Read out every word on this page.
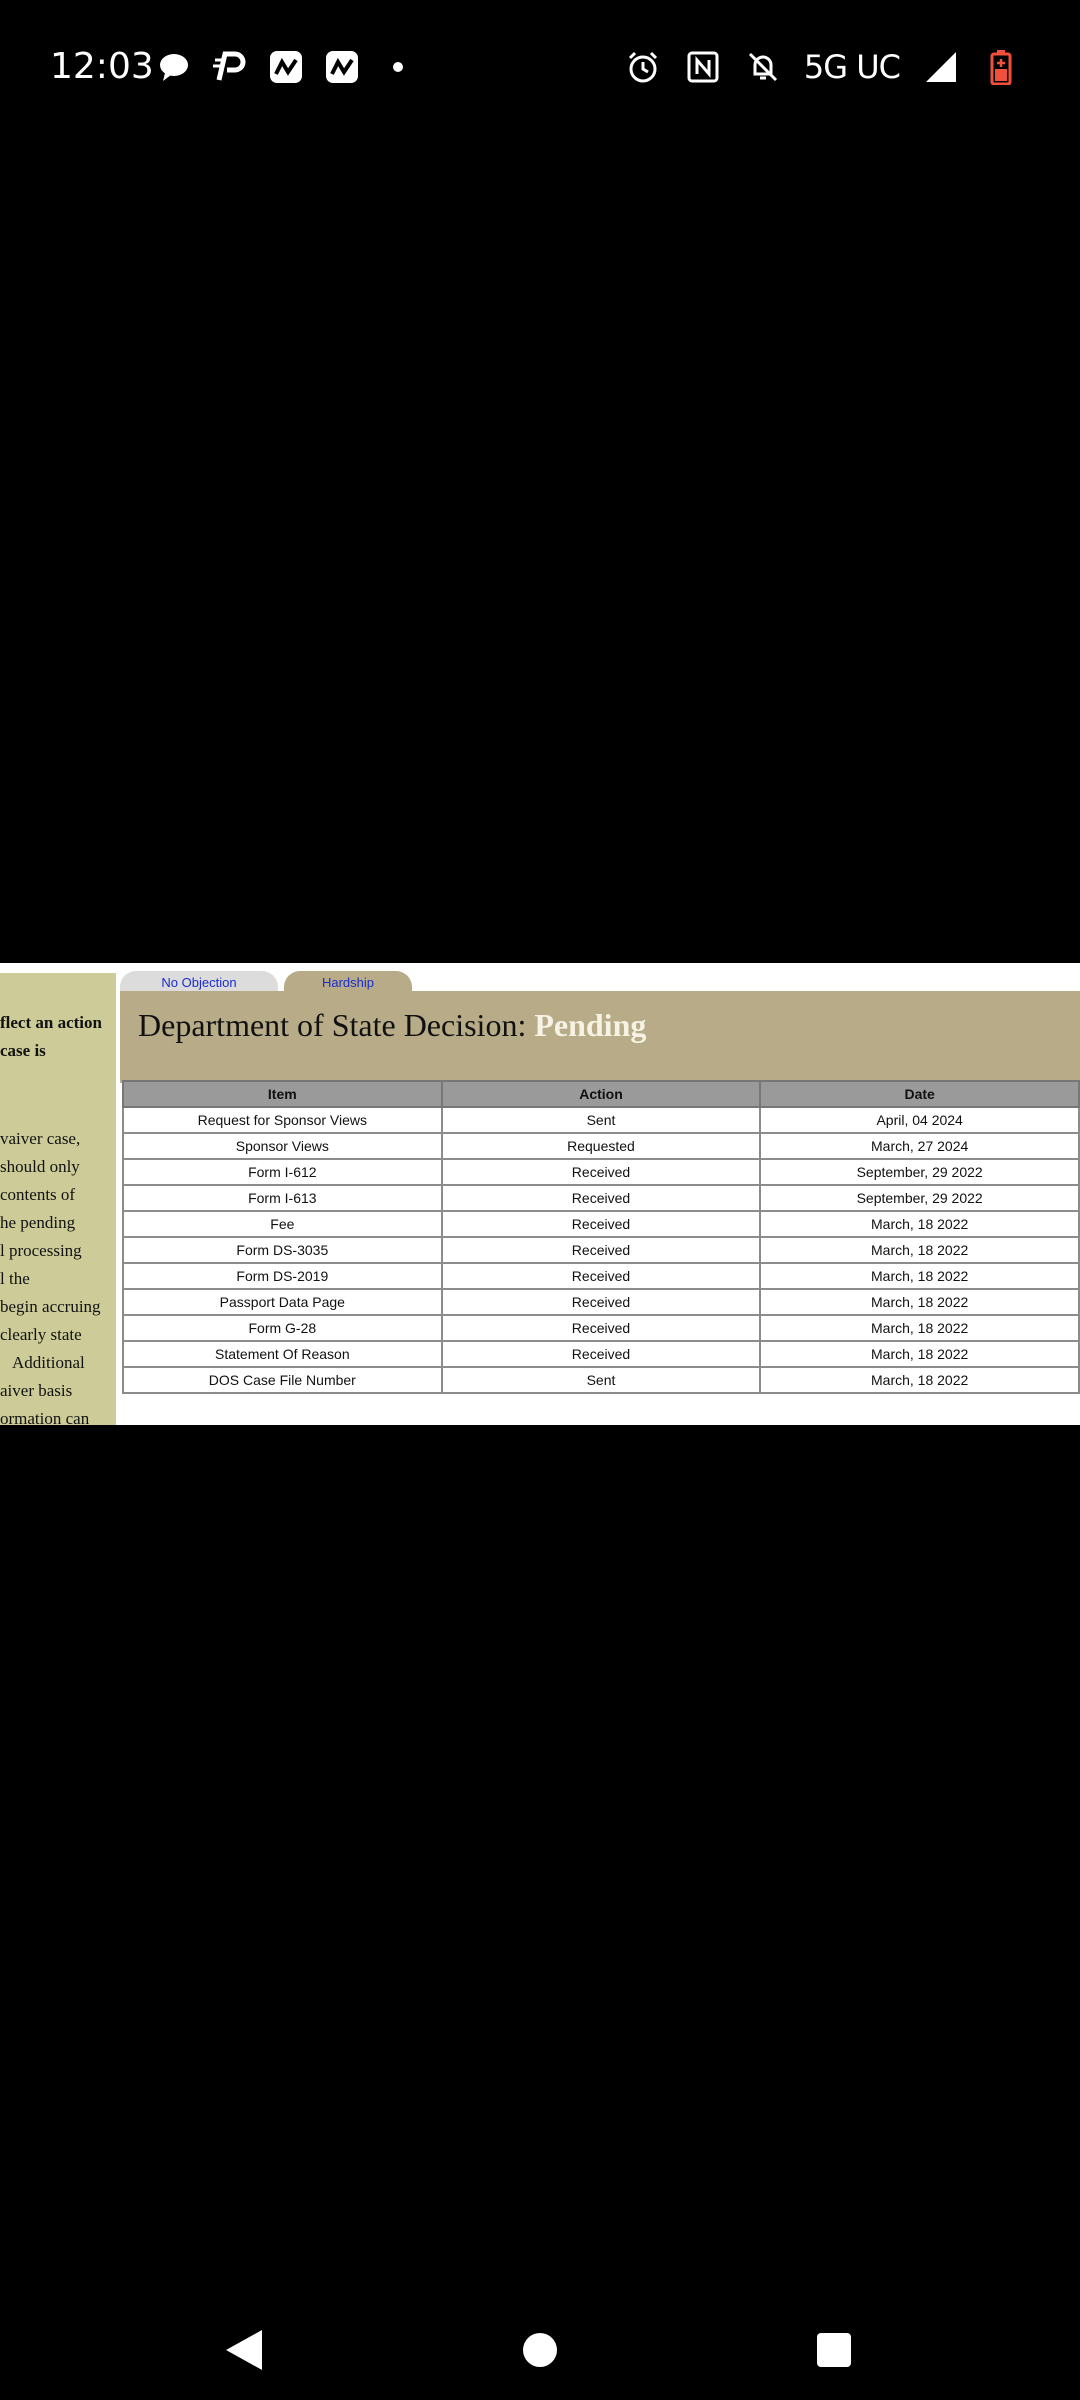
12:03	5G UC
flect an action
case is
vaiver case,
should only
contents of
he pending
l processing
l the
begin accruing
clearly state
Additional
aiver basis
ormation can
No Objection	Hardship
Department of State Decision: Pending
Item	Action	Date
Request for Sponsor Views	Sent	April, 04 2024
Sponsor Views	Requested	March, 27 2024
Form I-612	Received	September, 29 2022
Form I-613	Received	September, 29 2022
Fee	Received	March, 18 2022
Form DS-3035	Received	March, 18 2022
Form DS-2019	Received	March, 18 2022
Passport Data Page	Received	March, 18 2022
Form G-28	Received	March, 18 2022
Statement Of Reason	Received	March, 18 2022
DOS Case File Number	Sent	March, 18 2022
